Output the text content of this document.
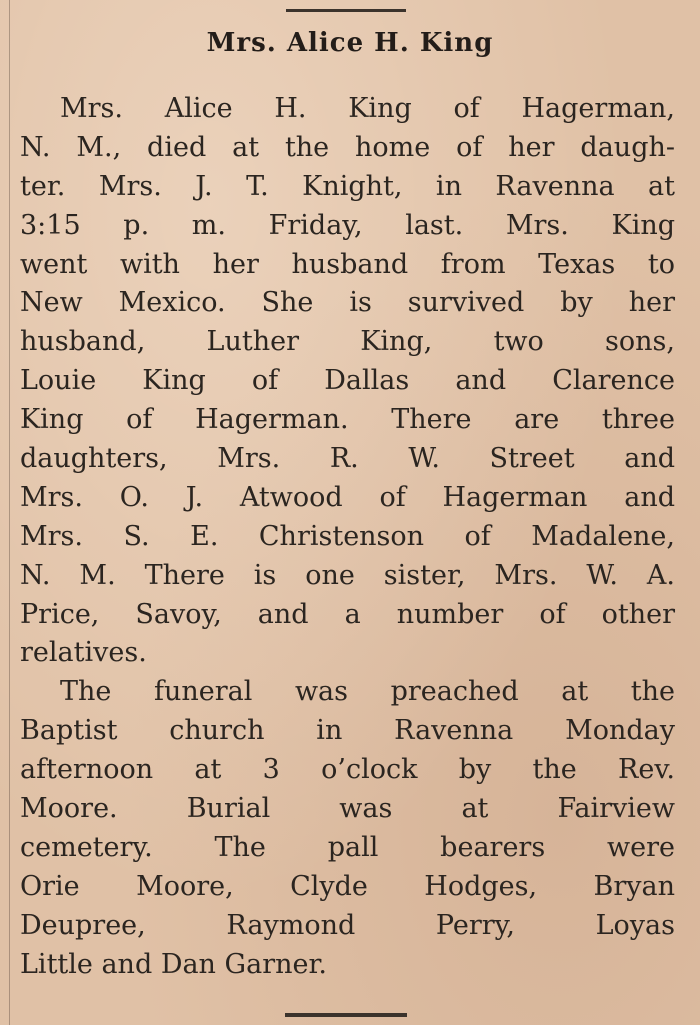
Mrs. Alice H. King
Mrs. Alice H. King of Hagerman,
N. M., died at the home of her daugh-
ter. Mrs. J. T. Knight, in Ravenna at
3:15 p. m. Friday, last. Mrs. King
went with her husband from Texas to
New Mexico. She is survived by her
husband, Luther King, two sons,
Louie King of Dallas and Clarence
King of Hagerman. There are three
daughters, Mrs. R. W. Street and
Mrs. O. J. Atwood of Hagerman and
Mrs. S. E. Christenson of Madalene,
N. M. There is one sister, Mrs. W. A.
Price, Savoy, and a number of other
relatives.
The funeral was preached at the
Baptist church in Ravenna Monday
afternoon at 3 o’clock by the Rev.
Moore. Burial was at Fairview
cemetery. The pall bearers were
Orie Moore, Clyde Hodges, Bryan
Deupree, Raymond Perry, Loyas
Little and Dan Garner.
